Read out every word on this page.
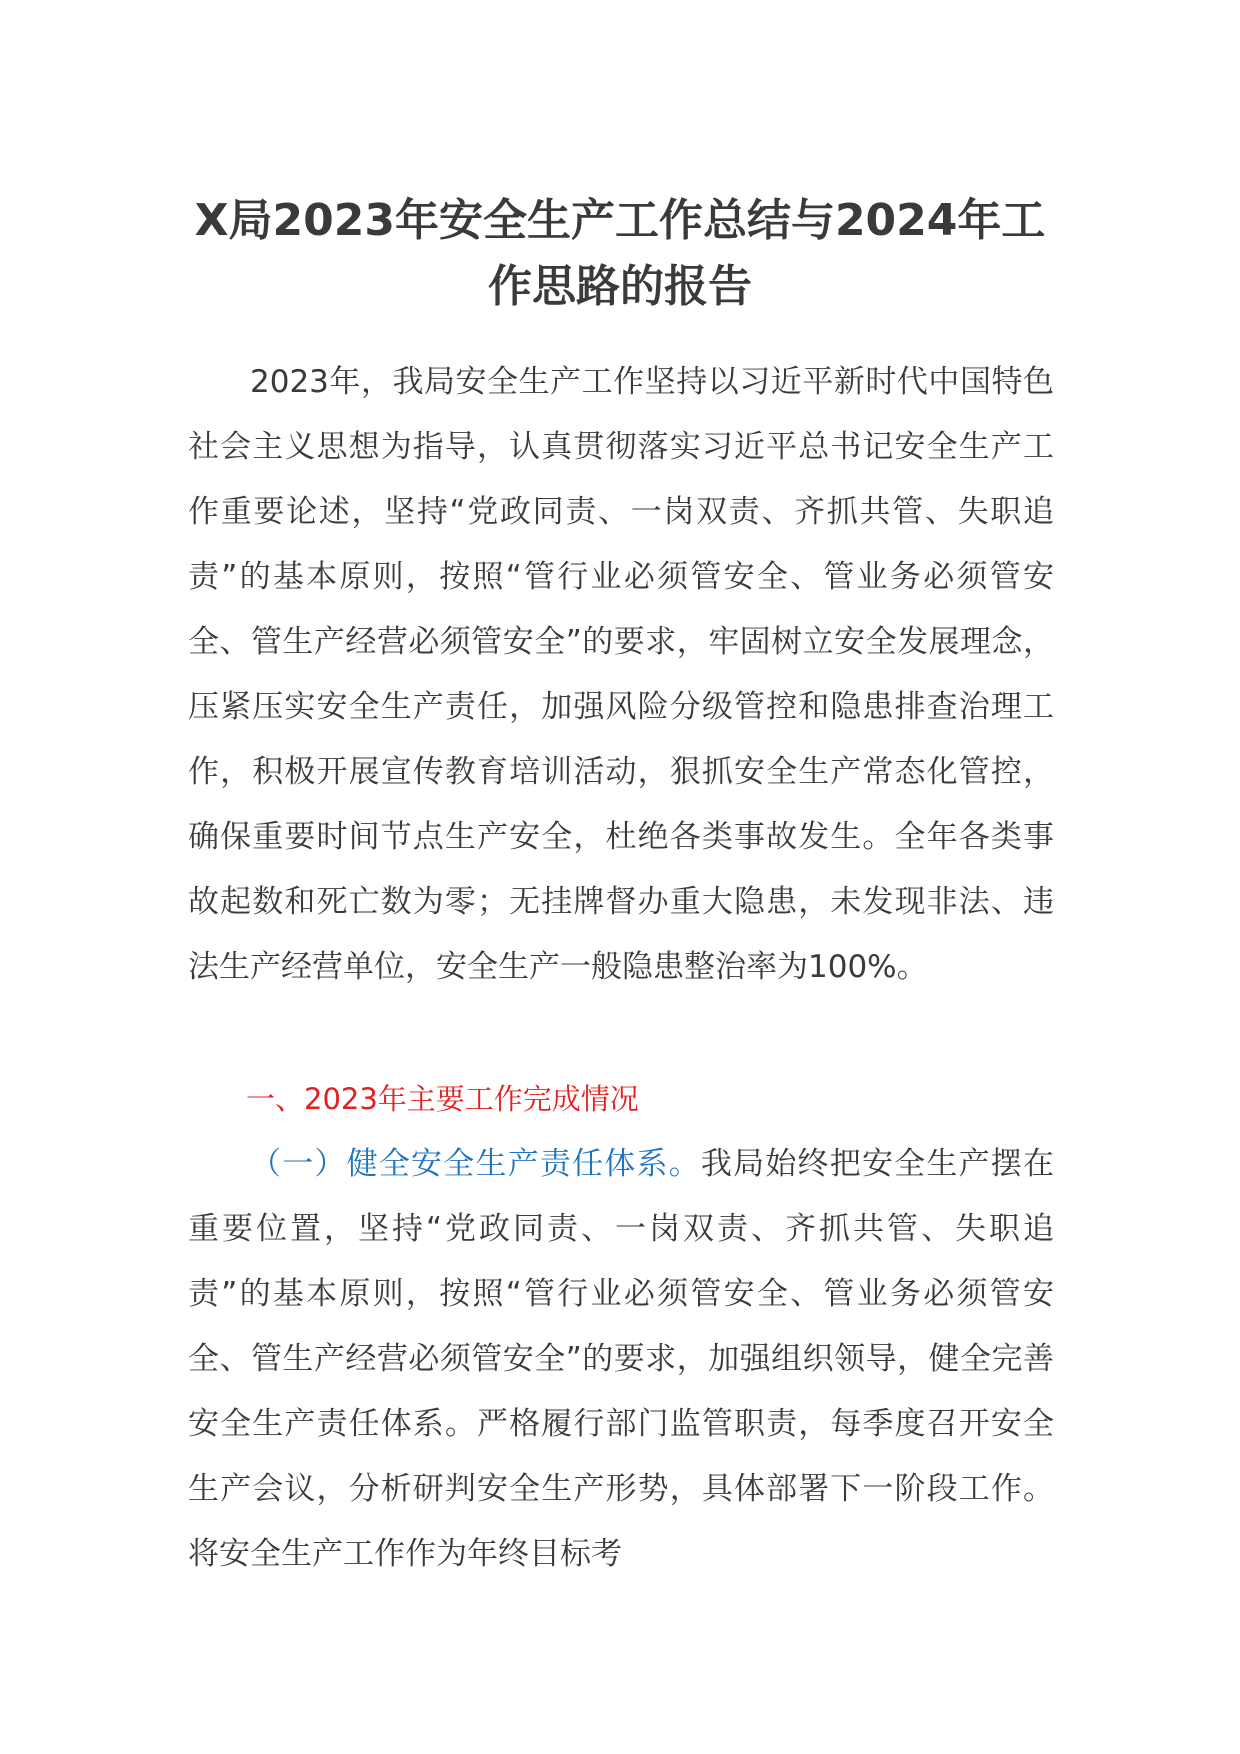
X局2023年安全生产工作总结与2024年工作思路的报告

2023年，我局安全生产工作坚持以习近平新时代中国特色社会主义思想为指导，认真贯彻落实习近平总书记安全生产工作重要论述，坚持“党政同责、一岗双责、齐抓共管、失职追责”的基本原则，按照“管行业必须管安全、管业务必须管安全、管生产经营必须管安全”的要求，牢固树立安全发展理念，压紧压实安全生产责任，加强风险分级管控和隐患排查治理工作，积极开展宣传教育培训活动，狠抓安全生产常态化管控，确保重要时间节点生产安全，杜绝各类事故发生。全年各类事故起数和死亡数为零；无挂牌督办重大隐患，未发现非法、违法生产经营单位，安全生产一般隐患整治率为100%。

一、2023年主要工作完成情况

（一）健全安全生产责任体系。我局始终把安全生产摆在重要位置，坚持“党政同责、一岗双责、齐抓共管、失职追责”的基本原则，按照“管行业必须管安全、管业务必须管安全、管生产经营必须管安全”的要求，加强组织领导，健全完善安全生产责任体系。严格履行部门监管职责，每季度召开安全生产会议，分析研判安全生产形势，具体部署下一阶段工作。将安全生产工作作为年终目标考
